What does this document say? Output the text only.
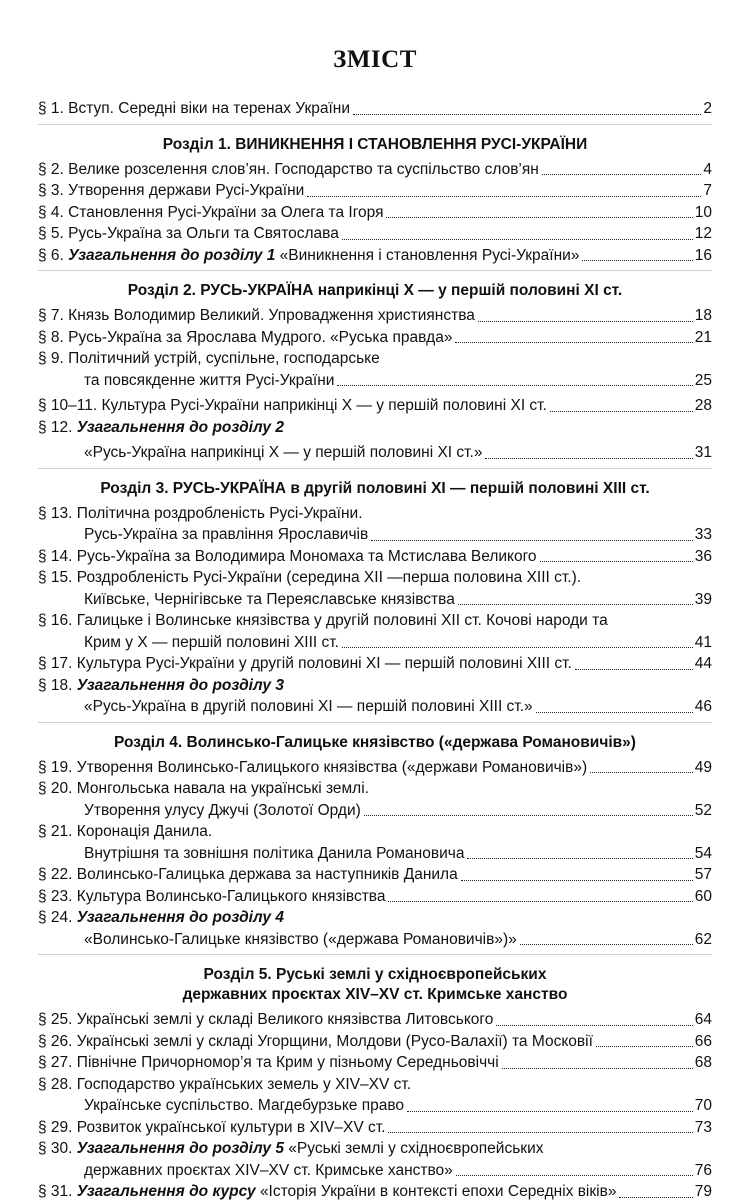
ЗМІСТ
§ 1. Вступ. Середні віки на теренах України	2
Розділ 1. ВИНИКНЕННЯ І СТАНОВЛЕННЯ РУСІ-УКРАЇНИ
§ 2. Велике розселення слов’ян. Господарство та суспільство слов’ян	4
§ 3. Утворення держави Русі-України	7
§ 4. Становлення Русі-України за Олега та Ігоря	10
§ 5. Русь-Україна за Ольги та Святослава	12
§ 6. Узагальнення до розділу 1 «Виникнення і становлення Русі-України»	16
Розділ 2. РУСЬ-УКРАЇНА наприкінці X — у першій половині XI ст.
§ 7. Князь Володимир Великий. Упровадження християнства	18
§ 8. Русь-Україна за Ярослава Мудрого. «Руська правда»	21
§ 9. Політичний устрій, суспільне, господарське
та повсякденне життя Русі-України	25
§ 10–11. Культура Русі-України наприкінці X — у першій половині XI ст.	28
§ 12. Узагальнення до розділу 2
«Русь-Україна наприкінці X — у першій половині XI ст.»	31
Розділ 3. РУСЬ-УКРАЇНА в другій половині XI — першій половині XIII ст.
§ 13. Політична роздробленість Русі-України.
Русь-Україна за правління Ярославичів	33
§ 14. Русь-Україна за Володимира Мономаха та Мстислава Великого	36
§ 15. Роздробленість Русі-України (середина XII —перша половина XIII ст.).
Київське, Чернігівське та Переяславське князівства	39
§ 16. Галицьке і Волинське князівства у другій половині XII ст. Кочові народи та
Крим у X — першій половині XIII ст.	41
§ 17. Культура Русі-України у другій половині XI — першій половині XIII ст.	44
§ 18. Узагальнення до розділу 3
«Русь-Україна в другій половині XI — першій половині XIII ст.»	46
Розділ 4. Волинсько-Галицьке князівство («держава Романовичів»)
§ 19. Утворення Волинсько-Галицького князівства («держави Романовичів»)	49
§ 20. Монгольська навала на українські землі.
Утворення улусу Джучі (Золотої Орди)	52
§ 21. Коронація Данила.
Внутрішня та зовнішня політика Данила Романовича	54
§ 22. Волинсько-Галицька держава за наступників Данила	57
§ 23. Культура Волинсько-Галицького князівства	60
§ 24. Узагальнення до розділу 4
«Волинсько-Галицьке князівство («держава Романовичів»)»	62
Розділ 5. Руські землі у східноєвропейських
державних проєктах XIV–XV ст. Кримське ханство
§ 25. Українські землі у складі Великого князівства Литовського	64
§ 26. Українські землі у складі Угорщини, Молдови (Русо-Валахії) та Московії	66
§ 27. Північне Причорномор’я та Крим у пізньому Середньовіччі	68
§ 28. Господарство українських земель у XIV–XV ст.
Українське суспільство. Магдебурзьке право	70
§ 29. Розвиток української культури в XIV–XV ст.	73
§ 30. Узагальнення до розділу 5 «Руські землі у східноєвропейських
державних проєктах XIV–XV ст. Кримське ханство»	76
§ 31. Узагальнення до курсу «Історія України в контексті епохи Середніх віків»	79
